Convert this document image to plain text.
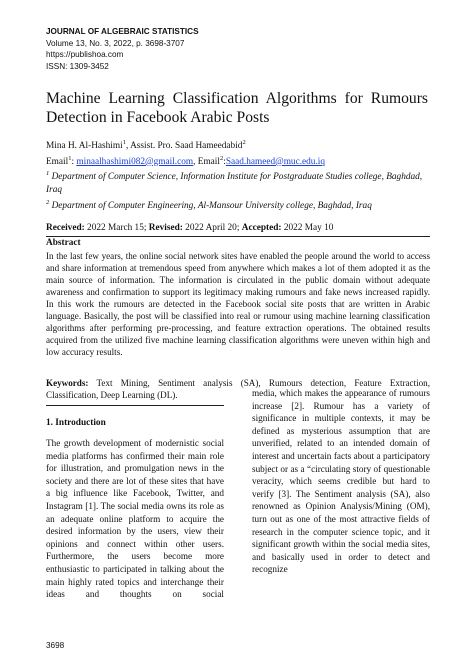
JOURNAL OF ALGEBRAIC STATISTICS
Volume 13, No. 3, 2022, p. 3698-3707
https://publishoa.com
ISSN: 1309-3452
Machine Learning Classification Algorithms for Rumours Detection in Facebook Arabic Posts
Mina H. Al-Hashimi$^1$, Assist. Pro. Saad Hameedabid$^2$
Email$^1$: minaalhashimi082@gmail.com, Email$^2$:Saad.hameed@muc.edu.iq
$^1$ Department of Computer Science, Information Institute for Postgraduate Studies college, Baghdad, Iraq
$^2$ Department of Computer Engineering, Al-Mansour University college, Baghdad, Iraq
Received: 2022 March 15; Revised: 2022 April 20; Accepted: 2022 May 10
Abstract
In the last few years, the online social network sites have enabled the people around the world to access and share information at tremendous speed from anywhere which makes a lot of them adopted it as the main source of information. The information is circulated in the public domain without adequate awareness and confirmation to support its legitimacy making rumours and fake news increased rapidly. In this work the rumours are detected in the Facebook social site posts that are written in Arabic language. Basically, the post will be classified into real or rumour using machine learning classification algorithms after performing pre-processing, and feature extraction operations. The obtained results acquired from the utilized five machine learning classification algorithms were uneven within high and low accuracy results.
Keywords: Text Mining, Sentiment analysis (SA), Rumours detection, Feature Extraction, Classification, Deep Learning (DL).
1. Introduction

The growth development of modernistic social media platforms has confirmed their main role for illustration, and promulgation news in the society and there are lot of these sites that have a big influence like Facebook, Twitter, and Instagram [1]. The social media owns its role as an adequate online platform to acquire the desired information by the users, view their opinions and connect within other users. Furthermore, the users become more enthusiastic to participated in talking about the main highly rated topics and interchange their ideas and thoughts on social

media, which makes the appearance of rumours increase [2]. Rumour has a variety of significance in multiple contexts, it may be defined as mysterious assumption that are unverified, related to an intended domain of interest and uncertain facts about a participatory subject or as a “circulating story of questionable veracity, which seems credible but hard to verify [3]. The Sentiment analysis (SA), also renowned as Opinion Analysis/Mining (OM), turn out as one of the most attractive fields of research in the computer science topic, and it significant growth within the social media sites, and basically used in order to detect and recognize

3698
